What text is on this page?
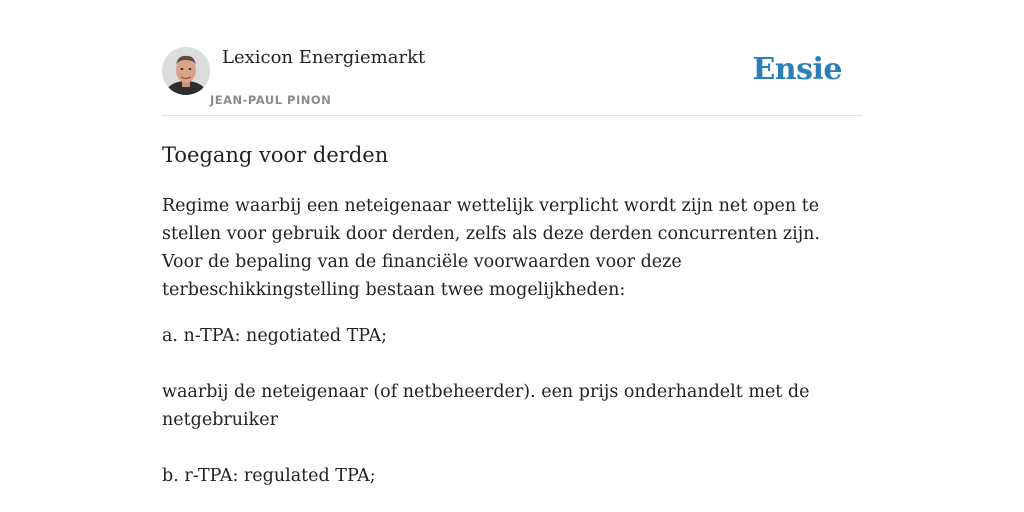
Lexicon Energiemarkt
JEAN-PAUL PINON
Ensie
Toegang voor derden

Regime waarbij een neteigenaar wettelijk verplicht wordt zijn net open te stellen voor gebruik door derden, zelfs als deze derden concurrenten zijn. Voor de bepaling van de financiële voorwaarden voor deze terbeschikkingstelling bestaan twee mogelijkheden:

a. n-TPA: negotiated TPA;

waarbij de neteigenaar (of netbeheerder). een prijs onderhandelt met de netgebruiker

b. r-TPA: regulated TPA;
